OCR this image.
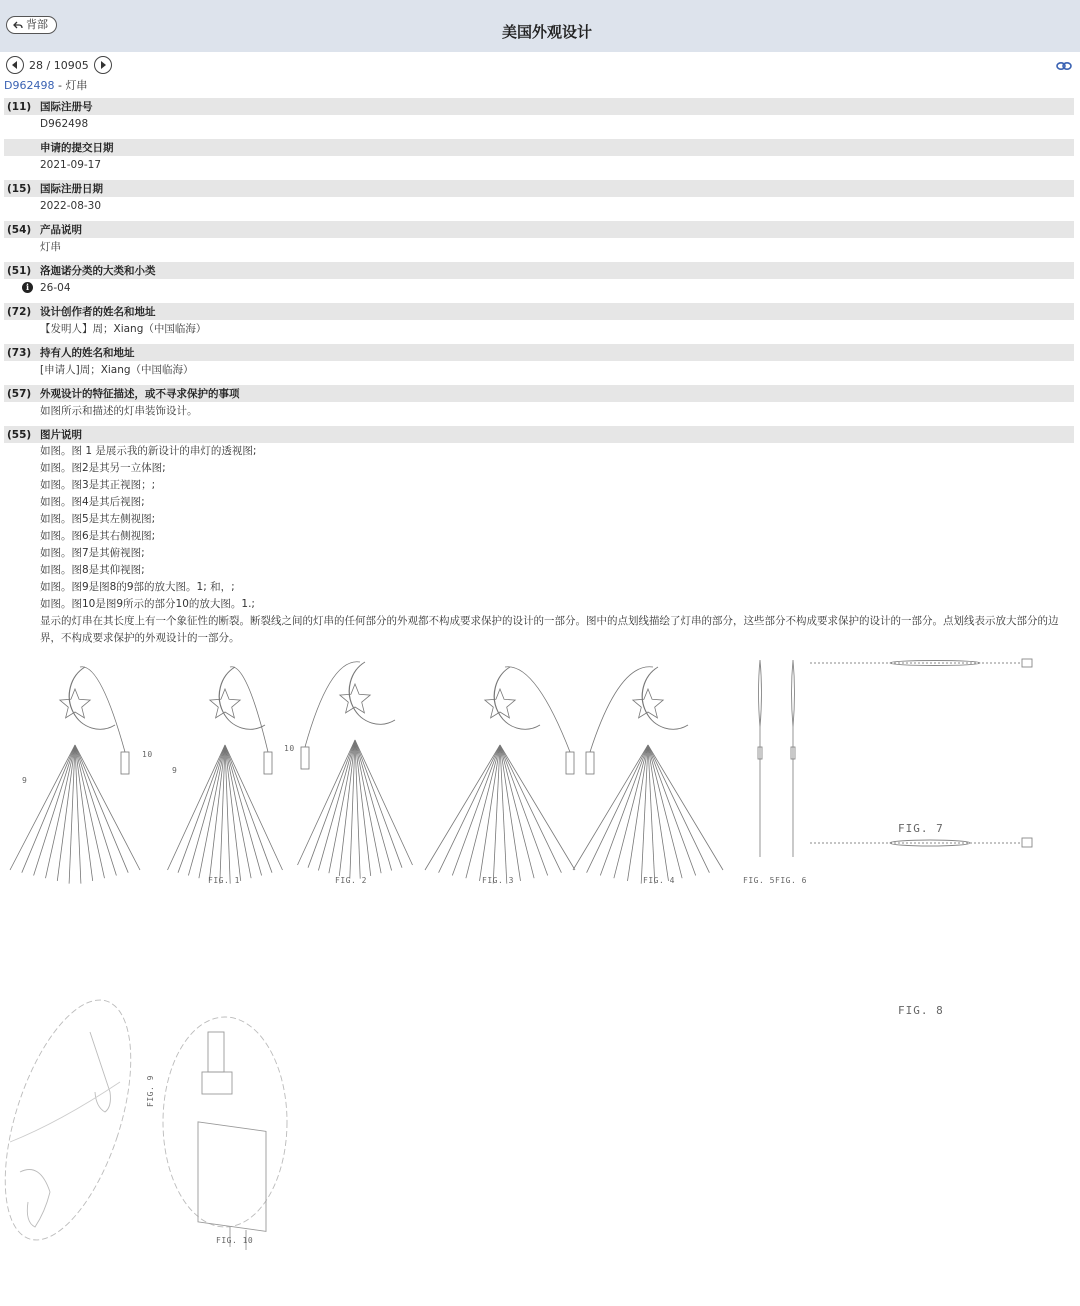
背部	美国外观设计
28 / 10905
D962498 - 灯串
(11) 国际注册号
D962498
申请的提交日期
2021-09-17
(15) 国际注册日期
2022-08-30
(54) 产品说明
灯串
(51) 洛迦诺分类的大类和小类
i	26-04
(72) 设计创作者的姓名和地址
【发明人】周；Xiang（中国临海）
(73) 持有人的姓名和地址
[申请人]周；Xiang（中国临海）
(57) 外观设计的特征描述，或不寻求保护的事项
如图所示和描述的灯串装饰设计。
(55) 图片说明
如图。图 1 是展示我的新设计的串灯的透视图;
如图。图2是其另一立体图;
如图。图3是其正视图；;
如图。图4是其后视图;
如图。图5是其左侧视图;
如图。图6是其右侧视图;
如图。图7是其俯视图;
如图。图8是其仰视图;
如图。图9是图8的9部的放大图。1; 和，;
如图。图10是图9所示的部分10的放大图。1.;
显示的灯串在其长度上有一个象征性的断裂。断裂线之间的灯串的任何部分的外观都不构成要求保护的设计的一部分。图中的点划线描绘了灯串的部分，这些部分不构成要求保护的设计的一部分。点划线表示放大部分的边界，不构成要求保护的外观设计的一部分。
FIG. 1	FIG. 2	FIG. 3	FIG. 4	FIG. 5 FIG. 6
FIG. 7
FIG. 8
FIG. 9
FIG. 10
10
9
10
9
